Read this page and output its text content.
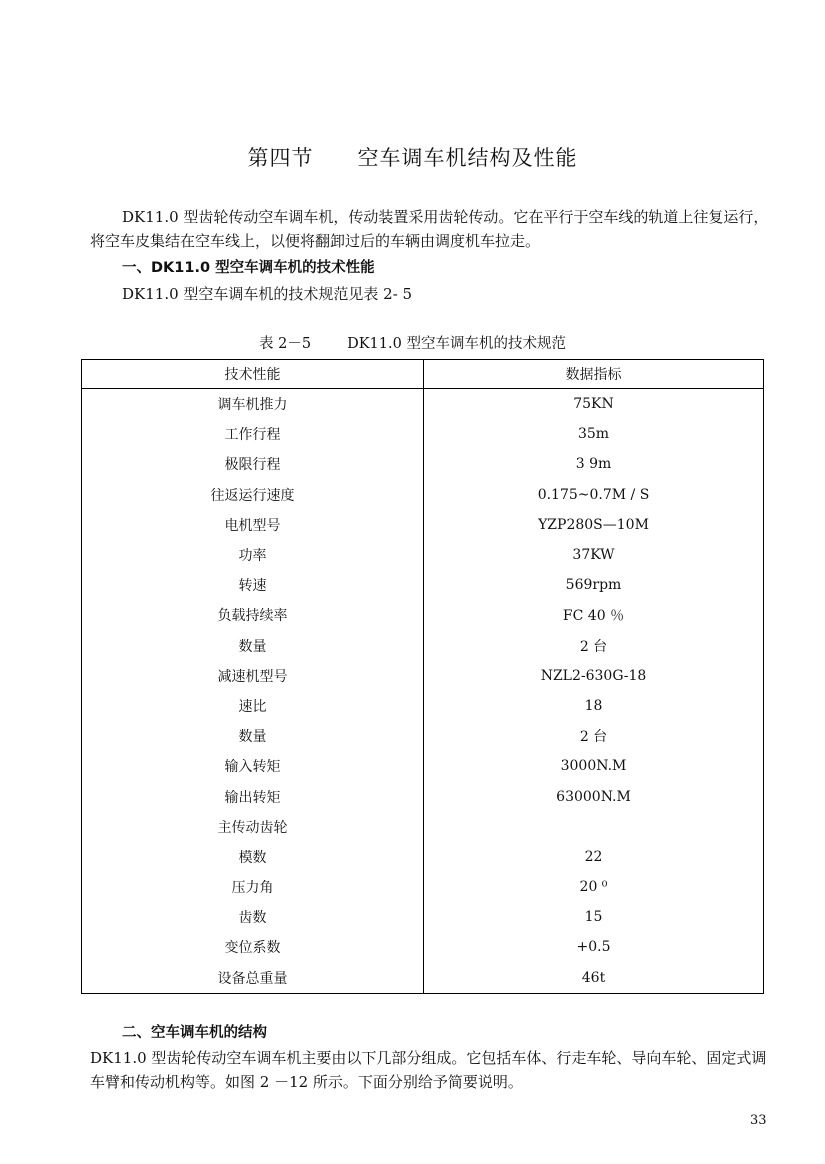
第四节 空车调车机结构及性能
DK11.0 型齿轮传动空车调车机，传动装置采用齿轮传动。它在平行于空车线的轨道上往复运行，将空车皮集结在空车线上，以便将翻卸过后的车辆由调度机车拉走。
一、DK11.0 型空车调车机的技术性能
DK11.0 型空车调车机的技术规范见表 2- 5
表 2－5 DK11.0 型空车调车机的技术规范
技术性能	数据指标
调车机推力	75KN
工作行程	35m
极限行程	3 9m
往返运行速度	0.175~0.7M / S
电机型号	YZP280S—10M
功率	37KW
转速	569rpm
负载持续率	FC 40 ％
数量	2 台
减速机型号	NZL2-630G-18
速比	18
数量	2 台
输入转矩	3000N.M
输出转矩	63000N.M
主传动齿轮	
模数	22
压力角	20 ⁰
齿数	15
变位系数	+0.5
设备总重量	46t
二、空车调车机的结构
DK11.0 型齿轮传动空车调车机主要由以下几部分组成。它包括车体、行走车轮、导向车轮、固定式调车臂和传动机构等。如图 2 －12 所示。下面分别给予简要说明。
33
